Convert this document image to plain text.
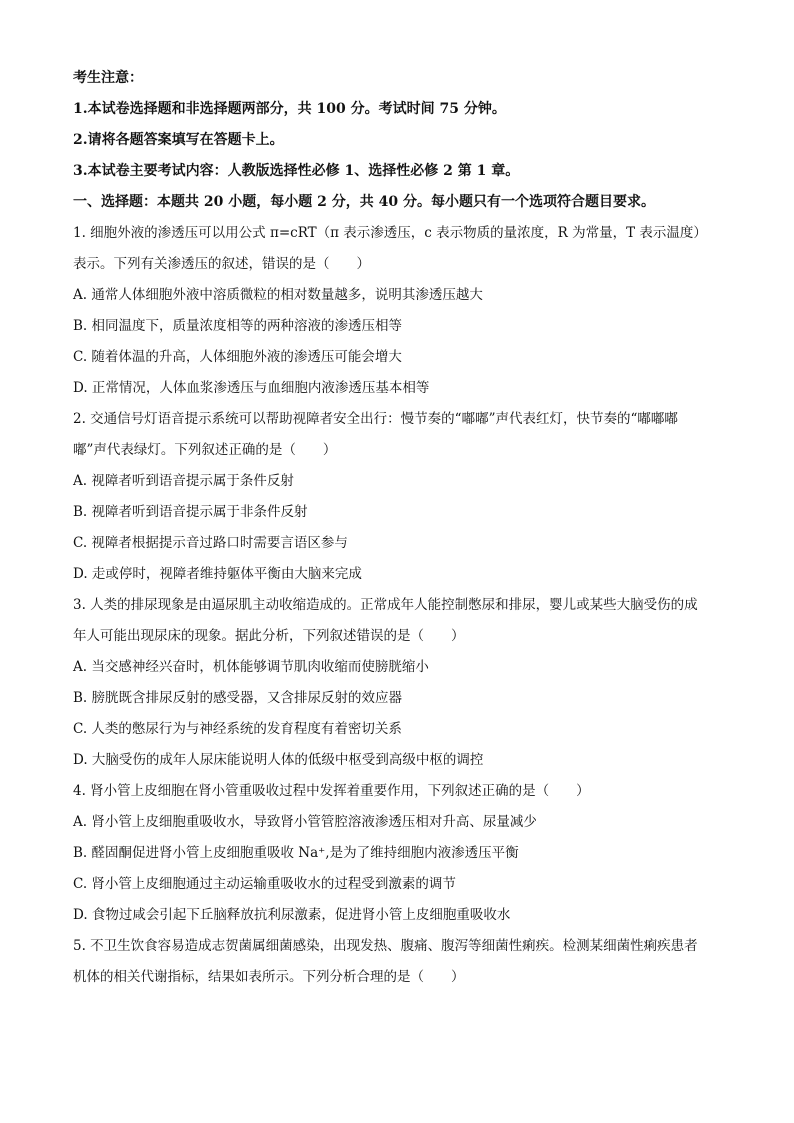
考生注意：
1.本试卷选择题和非选择题两部分，共 100 分。考试时间 75 分钟。
2.请将各题答案填写在答题卡上。
3.本试卷主要考试内容：人教版选择性必修 1、选择性必修 2 第 1 章。
一、选择题：本题共 20 小题，每小题 2 分，共 40 分。每小题只有一个选项符合题目要求。
1. 细胞外液的渗透压可以用公式 π=cRT（π 表示渗透压，c 表示物质的量浓度，R 为常量，T 表示温度）
表示。下列有关渗透压的叙述，错误的是（　　）
A. 通常人体细胞外液中溶质微粒的相对数量越多，说明其渗透压越大
B. 相同温度下，质量浓度相等的两种溶液的渗透压相等
C. 随着体温的升高，人体细胞外液的渗透压可能会增大
D. 正常情况，人体血浆渗透压与血细胞内液渗透压基本相等
2. 交通信号灯语音提示系统可以帮助视障者安全出行：慢节奏的“嘟嘟”声代表红灯，快节奏的“嘟嘟嘟
嘟”声代表绿灯。下列叙述正确的是（　　）
A. 视障者听到语音提示属于条件反射
B. 视障者听到语音提示属于非条件反射
C. 视障者根据提示音过路口时需要言语区参与
D. 走或停时，视障者维持躯体平衡由大脑来完成
3. 人类的排尿现象是由逼尿肌主动收缩造成的。正常成年人能控制憋尿和排尿，婴儿或某些大脑受伤的成
年人可能出现尿床的现象。据此分析，下列叙述错误的是（　　）
A. 当交感神经兴奋时，机体能够调节肌肉收缩而使膀胱缩小
B. 膀胱既含排尿反射的感受器，又含排尿反射的效应器
C. 人类的憋尿行为与神经系统的发育程度有着密切关系
D. 大脑受伤的成年人尿床能说明人体的低级中枢受到高级中枢的调控
4. 肾小管上皮细胞在肾小管重吸收过程中发挥着重要作用，下列叙述正确的是（　　）
A. 肾小管上皮细胞重吸收水，导致肾小管管腔溶液渗透压相对升高、尿量减少
B. 醛固酮促进肾小管上皮细胞重吸收 Na⁺,是为了维持细胞内液渗透压平衡
C. 肾小管上皮细胞通过主动运输重吸收水的过程受到激素的调节
D. 食物过咸会引起下丘脑释放抗利尿激素，促进肾小管上皮细胞重吸收水
5. 不卫生饮食容易造成志贺菌属细菌感染，出现发热、腹痛、腹泻等细菌性痢疾。检测某细菌性痢疾患者
机体的相关代谢指标，结果如表所示。下列分析合理的是（　　）
